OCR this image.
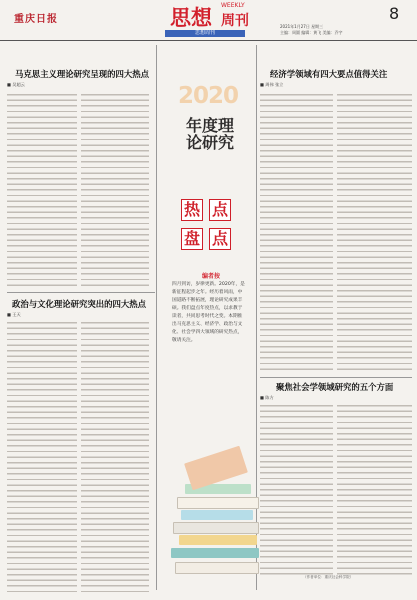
重庆日报	思想
WEEKLY
周刊
思想周刊
2021年1月27日 星期三
主编：周圆 编辑：黄飞 美编：乔宇
8
马克思主义理论研究呈现的四大热点
■ 吴超云
经济学领域有四大要点值得关注
■ 周伟 张立
政治与文化理论研究突出的四大热点
■ 王天
聚焦社会学领域研究的五个方面
■ 陈方
2020
年度理论研究
热 点
盘 点
编者按
四月到访，岁律更新。2020年，是新征程起步之年。经历着风雨，中国道路不断拓展，理论研究成果丰硕。我们盘点年度热点，以求教于读者，共同思考时代之变。本期推出马克思主义、经济学、政治与文化、社会学四大领域的研究热点，敬请关注。
（作者单位：重庆社会科学院）
